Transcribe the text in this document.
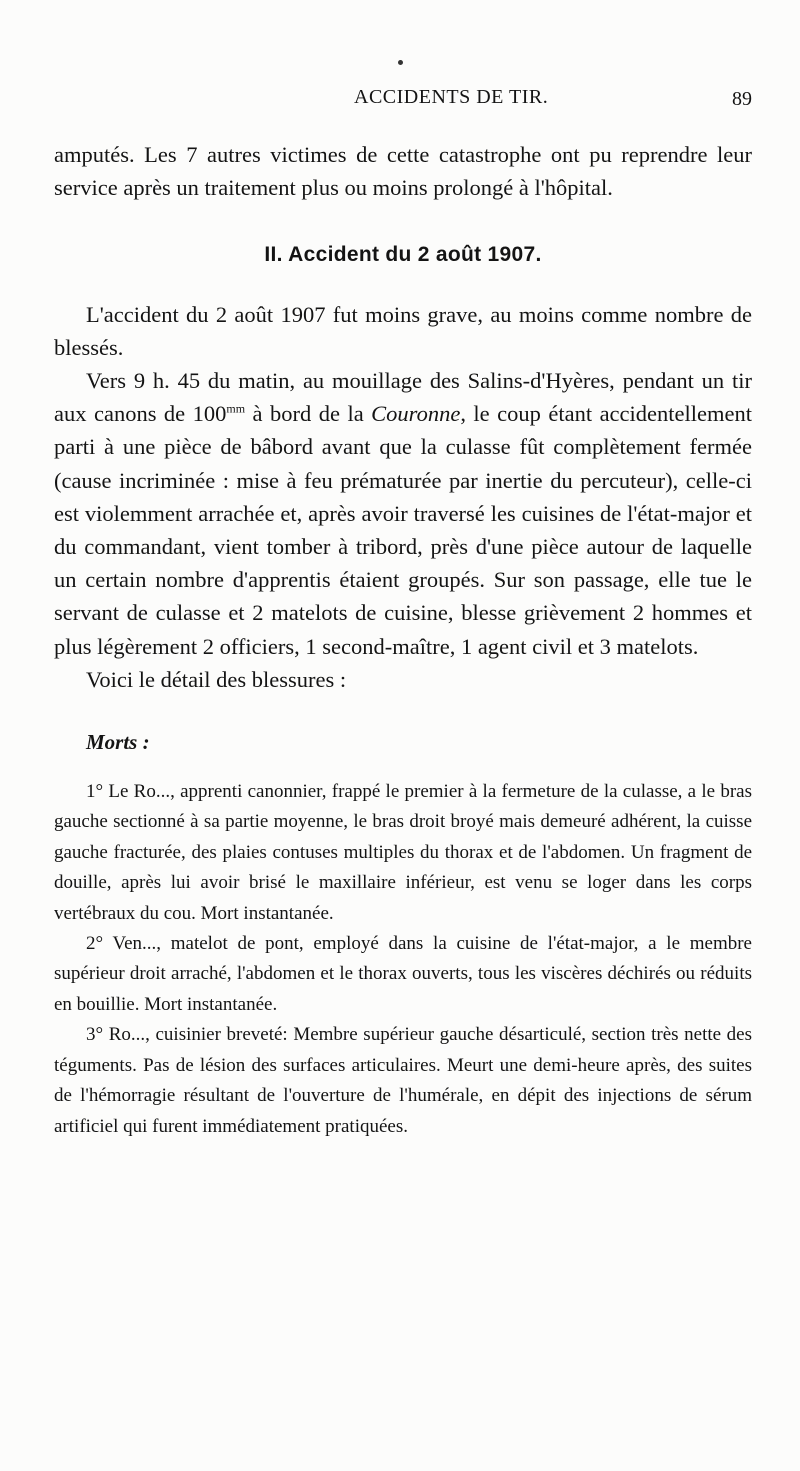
ACCIDENTS DE TIR.	89

amputés. Les 7 autres victimes de cette catastrophe ont pu reprendre leur service après un traitement plus ou moins prolongé à l'hôpital.

II. Accident du 2 août 1907.

L'accident du 2 août 1907 fut moins grave, au moins comme nombre de blessés.

Vers 9 h. 45 du matin, au mouillage des Salins-d'Hyères, pendant un tir aux canons de $100^{mm}$ à bord de la Couronne, le coup étant accidentellement parti à une pièce de bâbord avant que la culasse fût complètement fermée (cause incriminée : mise à feu prématurée par inertie du percuteur), celle-ci est violemment arrachée et, après avoir traversé les cuisines de l'état-major et du commandant, vient tomber à tribord, près d'une pièce autour de laquelle un certain nombre d'apprentis étaient groupés. Sur son passage, elle tue le servant de culasse et 2 matelots de cuisine, blesse grièvement 2 hommes et plus légèrement 2 officiers, 1 second-maître, 1 agent civil et 3 matelots.

Voici le détail des blessures :

Morts :

1° Le Ro..., apprenti canonnier, frappé le premier à la fermeture de la culasse, a le bras gauche sectionné à sa partie moyenne, le bras droit broyé mais demeuré adhérent, la cuisse gauche fracturée, des plaies contuses multiples du thorax et de l'abdomen. Un fragment de douille, après lui avoir brisé le maxillaire inférieur, est venu se loger dans les corps vertébraux du cou. Mort instantanée.

2° Ven..., matelot de pont, employé dans la cuisine de l'état-major, a le membre supérieur droit arraché, l'abdomen et le thorax ouverts, tous les viscères déchirés ou réduits en bouillie. Mort instantanée.

3° Ro..., cuisinier breveté: Membre supérieur gauche désarticulé, section très nette des téguments. Pas de lésion des surfaces articulaires. Meurt une demi-heure après, des suites de l'hémorragie résultant de l'ouverture de l'humérale, en dépit des injections de sérum artificiel qui furent immédiatement pratiquées.
